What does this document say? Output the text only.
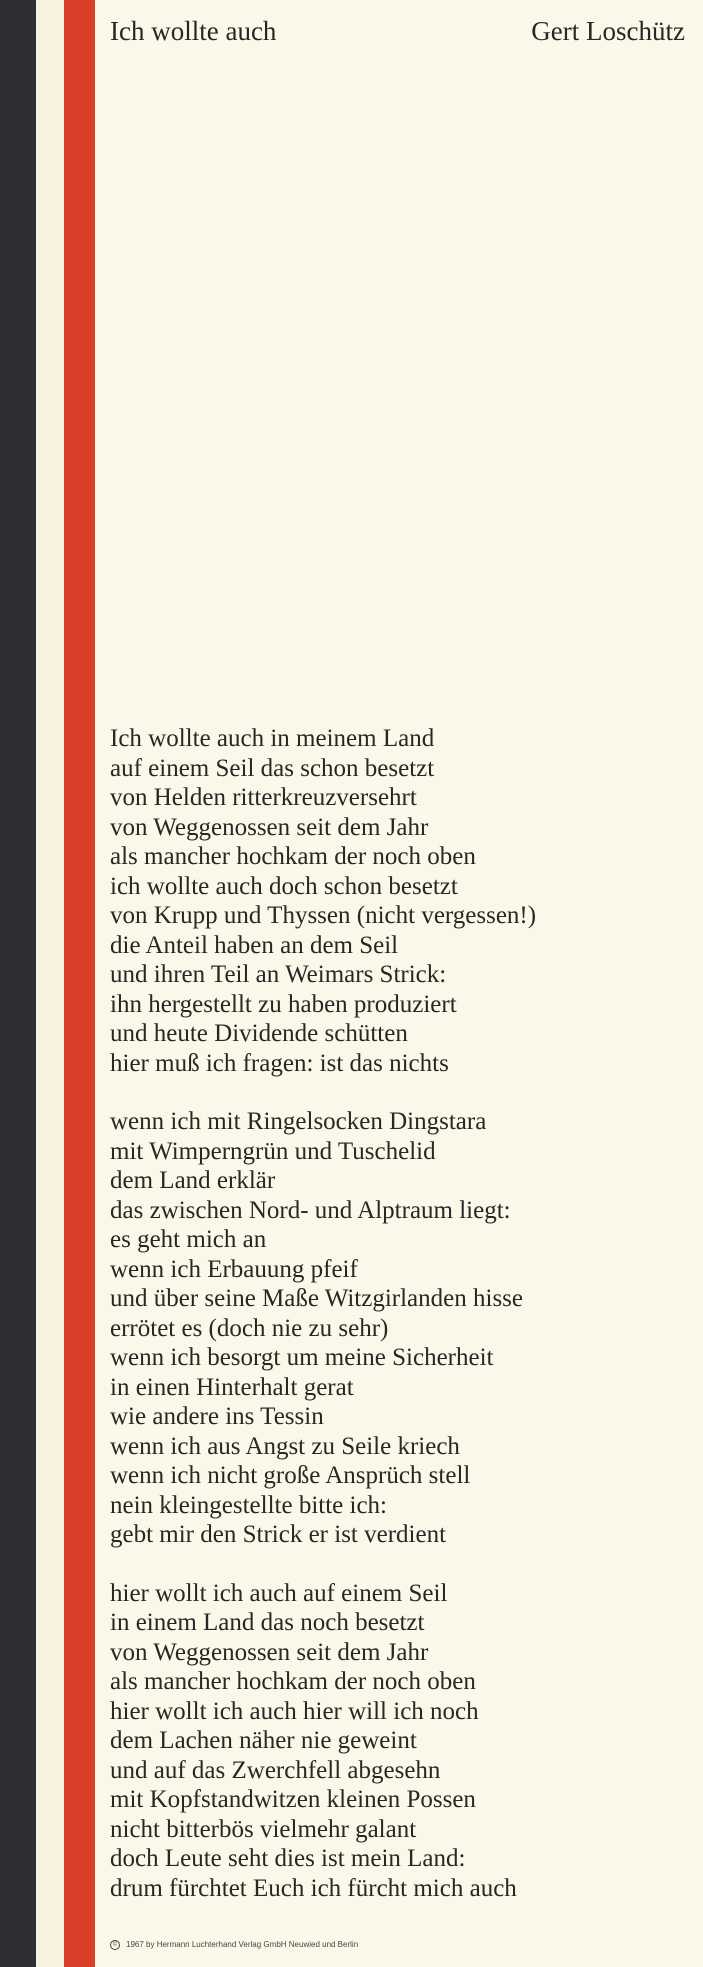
Ich wollte auch	Gert Loschütz
Ich wollte auch in meinem Land
auf einem Seil das schon besetzt
von Helden ritterkreuzversehrt
von Weggenossen seit dem Jahr
als mancher hochkam der noch oben
ich wollte auch doch schon besetzt
von Krupp und Thyssen (nicht vergessen!)
die Anteil haben an dem Seil
und ihren Teil an Weimars Strick:
ihn hergestellt zu haben produziert
und heute Dividende schütten
hier muß ich fragen: ist das nichts
wenn ich mit Ringelsocken Dingstara
mit Wimperngrün und Tuschelid
dem Land erklär
das zwischen Nord- und Alptraum liegt:
es geht mich an
wenn ich Erbauung pfeif
und über seine Maße Witzgirlanden hisse
errötet es (doch nie zu sehr)
wenn ich besorgt um meine Sicherheit
in einen Hinterhalt gerat
wie andere ins Tessin
wenn ich aus Angst zu Seile kriech
wenn ich nicht große Ansprüch stell
nein kleingestellte bitte ich:
gebt mir den Strick er ist verdient
hier wollt ich auch auf einem Seil
in einem Land das noch besetzt
von Weggenossen seit dem Jahr
als mancher hochkam der noch oben
hier wollt ich auch hier will ich noch
dem Lachen näher nie geweint
und auf das Zwerchfell abgesehn
mit Kopfstandwitzen kleinen Possen
nicht bitterbös vielmehr galant
doch Leute seht dies ist mein Land:
drum fürchtet Euch ich fürcht mich auch
© 1967 by Hermann Luchterhand Verlag GmbH Neuwied und Berlin
